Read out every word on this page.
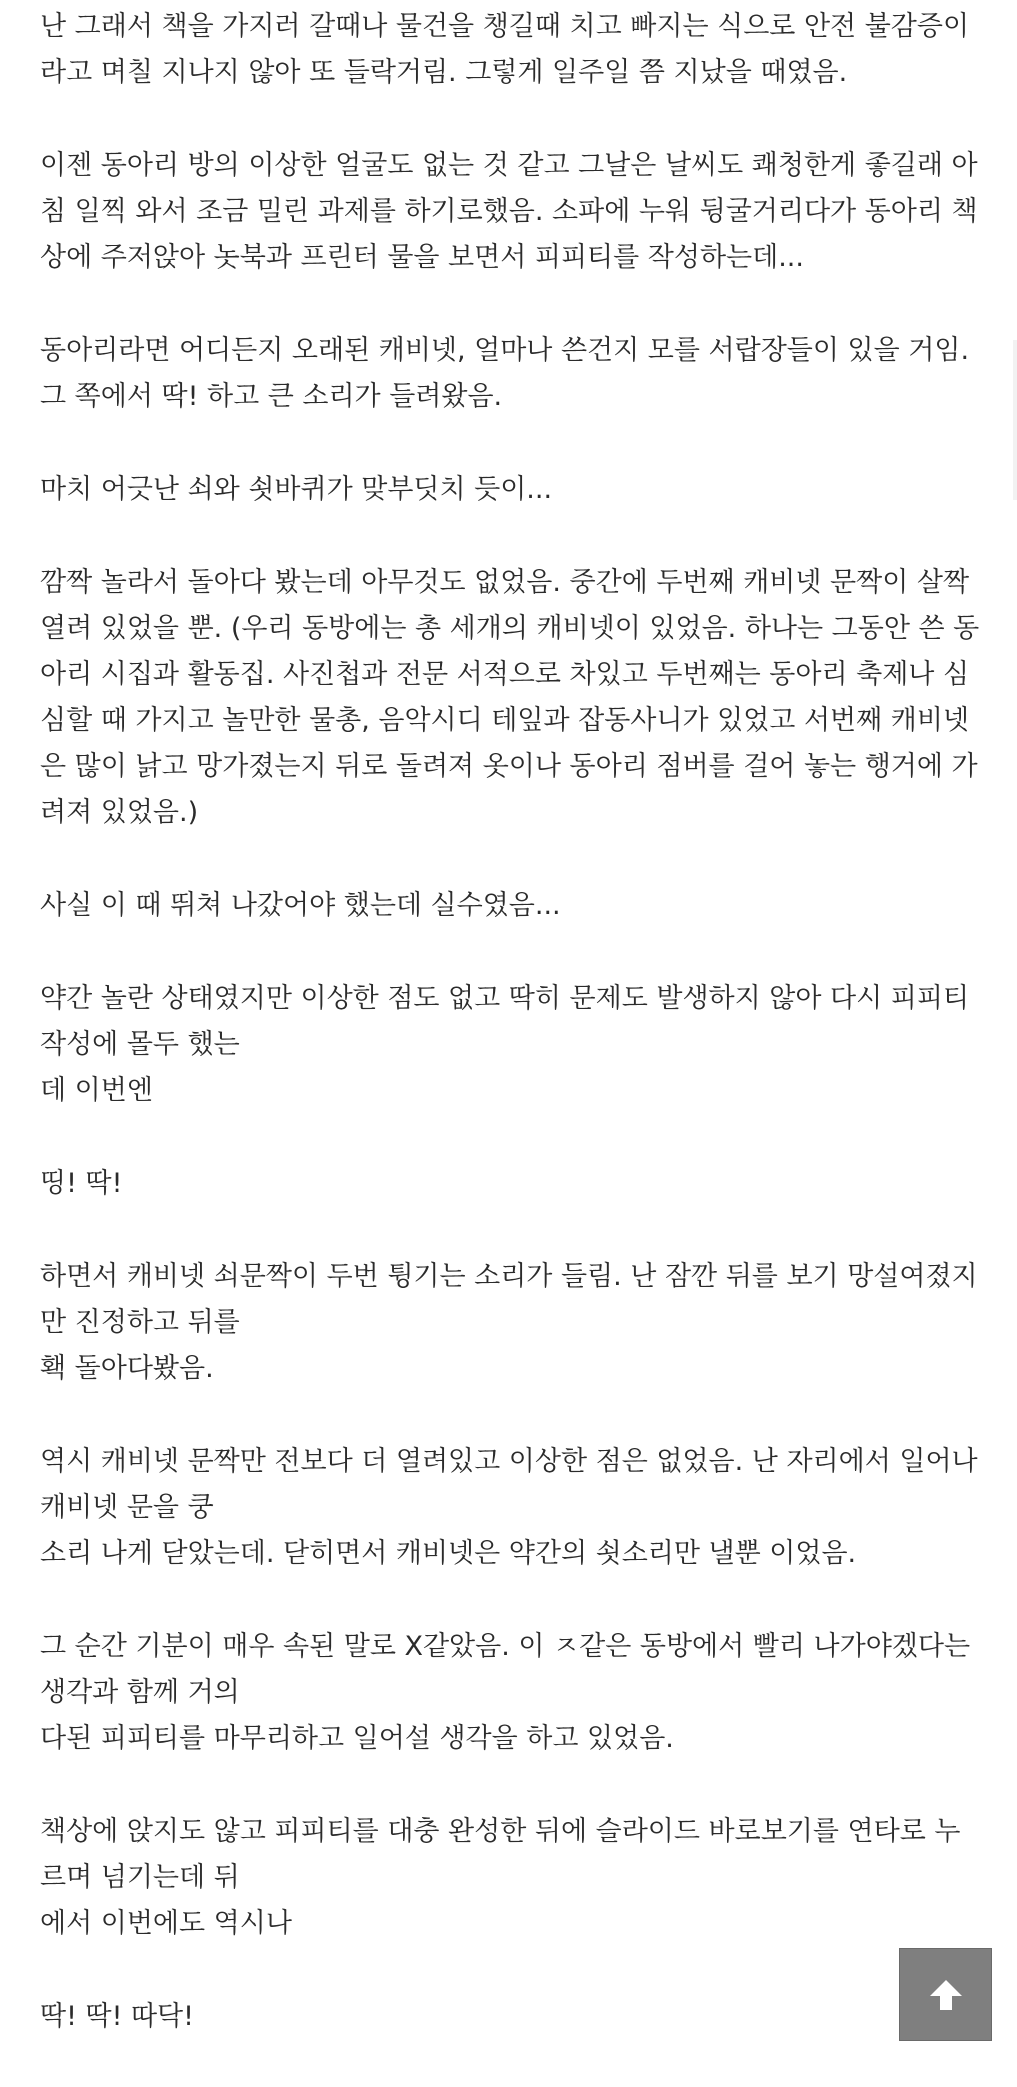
난 그래서 책을 가지러 갈때나 물건을 챙길때 치고 빠지는 식으로 안전 불감증이
라고 며칠 지나지 않아 또 들락거림. 그렇게 일주일 쯤 지났을 때였음.

이젠 동아리 방의 이상한 얼굴도 없는 것 같고 그날은 날씨도 쾌청한게 좋길래 아
침 일찍 와서 조금 밀린 과제를 하기로했음. 소파에 누워 뒹굴거리다가 동아리 책
상에 주저앉아 놋북과 프린터 물을 보면서 피피티를 작성하는데...

동아리라면 어디든지 오래된 캐비넷, 얼마나 쓴건지 모를 서랍장들이 있을 거임.
그 쪽에서 딱! 하고 큰 소리가 들려왔음.

마치 어긋난 쇠와 쇳바퀴가 맞부딧치 듯이...

깜짝 놀라서 돌아다 봤는데 아무것도 없었음. 중간에 두번째 캐비넷 문짝이 살짝
열려 있었을 뿐. (우리 동방에는 총 세개의 캐비넷이 있었음. 하나는 그동안 쓴 동
아리 시집과 활동집. 사진첩과 전문 서적으로 차있고 두번째는 동아리 축제나 심
심할 때 가지고 놀만한 물총, 음악시디 테잎과 잡동사니가 있었고 서번째 캐비넷
은 많이 낡고 망가졌는지 뒤로 돌려져 옷이나 동아리 점버를 걸어 놓는 행거에 가
려져 있었음.)

사실 이 때 뛰쳐 나갔어야 했는데 실수였음...

약간 놀란 상태였지만 이상한 점도 없고 딱히 문제도 발생하지 않아 다시 피피티
작성에 몰두 했는
데 이번엔

띵! 딱!

하면서 캐비넷 쇠문짝이 두번 튕기는 소리가 들림. 난 잠깐 뒤를 보기 망설여졌지
만 진정하고 뒤를
홱 돌아다봤음.

역시 캐비넷 문짝만 전보다 더 열려있고 이상한 점은 없었음. 난 자리에서 일어나
캐비넷 문을 쿵
소리 나게 닫았는데. 닫히면서 캐비넷은 약간의 쇳소리만 낼뿐 이었음.

그 순간 기분이 매우 속된 말로 X같았음. 이 ㅈ같은 동방에서 빨리 나가야겠다는
생각과 함께 거의
다된 피피티를 마무리하고 일어설 생각을 하고 있었음.

책상에 앉지도 않고 피피티를 대충 완성한 뒤에 슬라이드 바로보기를 연타로 누
르며 넘기는데 뒤
에서 이번에도 역시나

딱! 딱! 따닥!
